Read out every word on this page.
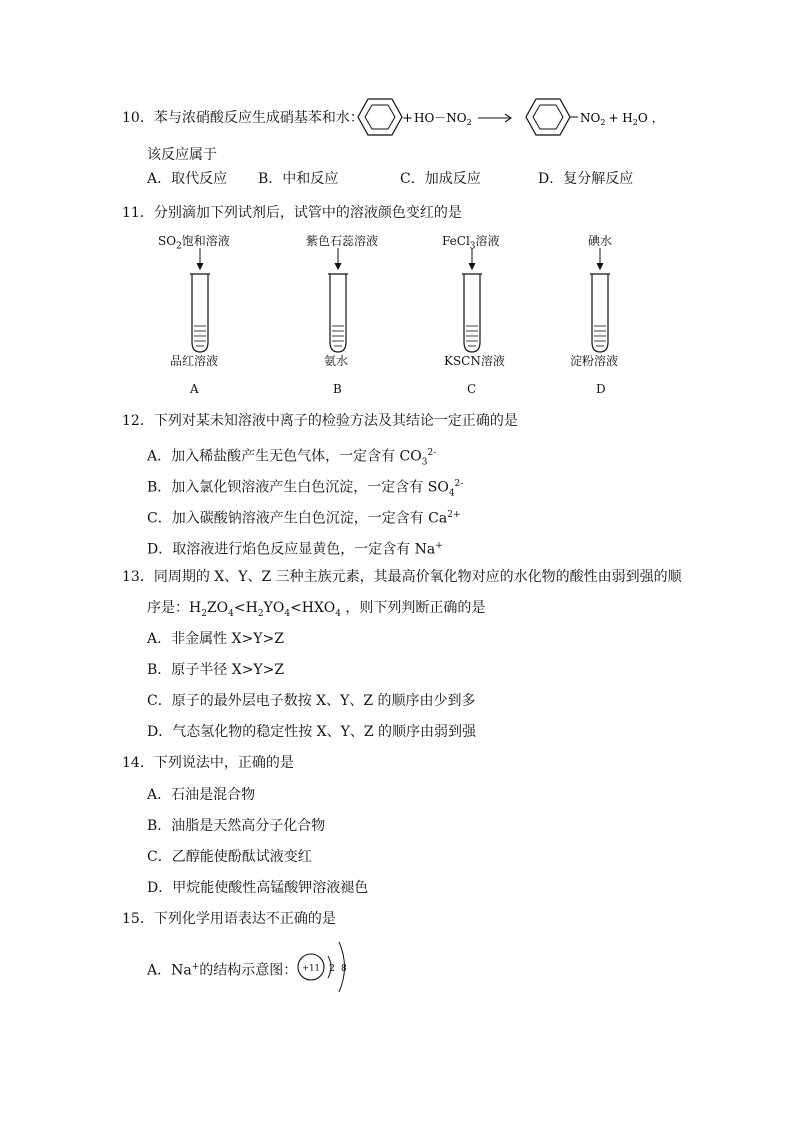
10．苯与浓硝酸反应生成硝基苯和水：	+ $HO-NO_2$	$NO_2 + H_2O$ ，
该反应属于
A．取代反应 B．中和反应	C．加成反应	D．复分解反应
11．分别滴加下列试剂后，试管中的溶液颜色变红的是
$SO_2$饱和溶液
品红溶液
A
紫色石蕊溶液
氨水
B
FeCl$_3$溶液
KSCN溶液
C
碘水
淀粉溶液
D
12．下列对某未知溶液中离子的检验方法及其结论一定正确的是
A．加入稀盐酸产生无色气体，一定含有 $CO_3^{2-}$
B．加入氯化钡溶液产生白色沉淀，一定含有 $SO_4^{2-}$
C．加入碳酸钠溶液产生白色沉淀，一定含有 $Ca^{2+}$
D．取溶液进行焰色反应显黄色，一定含有 Na+
13．同周期的 X、Y、Z 三种主族元素，其最高价氧化物对应的水化物的酸性由弱到强的顺
序是：$H_2ZO_4<H_2YO_4<HXO_4$ ，则下列判断正确的是
A．非金属性 X>Y>Z
B．原子半径 X>Y>Z
C．原子的最外层电子数按 X、Y、Z 的顺序由少到多
D．气态氢化物的稳定性按 X、Y、Z 的顺序由弱到强
14．下列说法中，正确的是
A．石油是混合物
B．油脂是天然高分子化合物
C．乙醇能使酚酞试液变红
D．甲烷能使酸性高锰酸钾溶液褪色
15．下列化学用语表达不正确的是
A．Na+的结构示意图： +11 2 8
